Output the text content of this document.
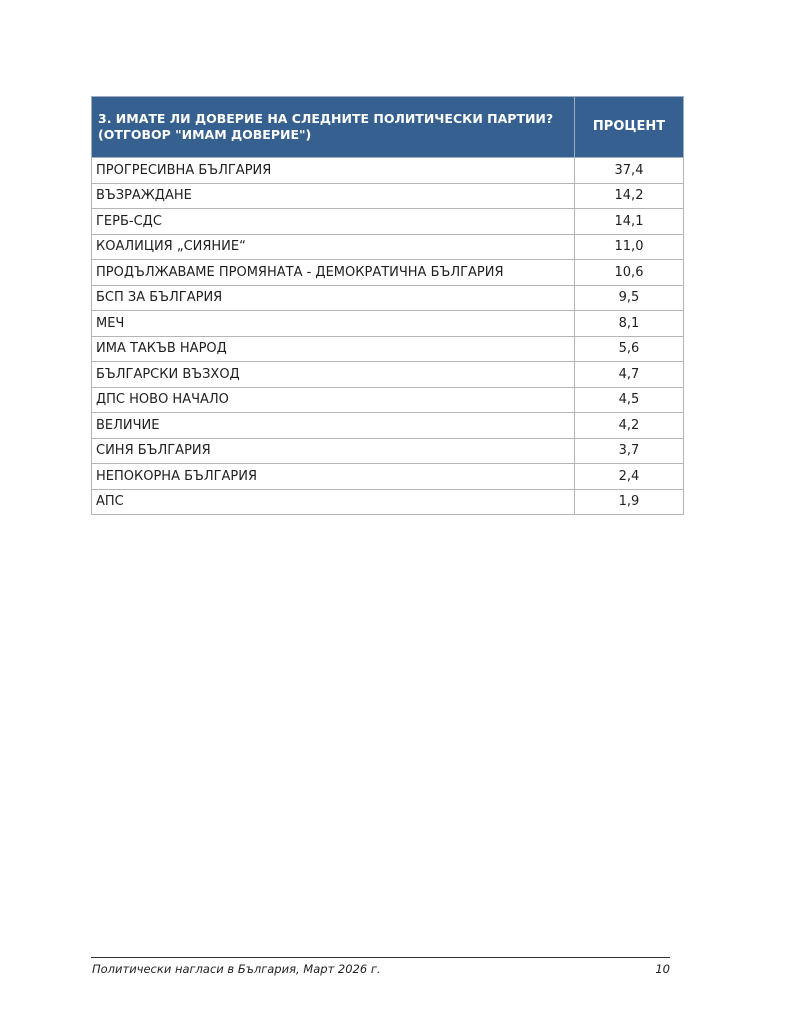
3. ИМАТЕ ЛИ ДОВЕРИЕ НА СЛЕДНИТЕ ПОЛИТИЧЕСКИ ПАРТИИ? (ОТГОВОР "ИМАМ ДОВЕРИЕ")	ПРОЦЕНТ
ПРОГРЕСИВНА БЪЛГАРИЯ	37,4
ВЪЗРАЖДАНЕ	14,2
ГЕРБ-СДС	14,1
КОАЛИЦИЯ „СИЯНИЕ“	11,0
ПРОДЪЛЖАВАМЕ ПРОМЯНАТА - ДЕМОКРАТИЧНА БЪЛГАРИЯ	10,6
БСП ЗА БЪЛГАРИЯ	9,5
МЕЧ	8,1
ИМА ТАКЪВ НАРОД	5,6
БЪЛГАРСКИ ВЪЗХОД	4,7
ДПС НОВО НАЧАЛО	4,5
ВЕЛИЧИЕ	4,2
СИНЯ БЪЛГАРИЯ	3,7
НЕПОКОРНА БЪЛГАРИЯ	2,4
АПС	1,9
Политически нагласи в България, Март 2026 г.	10
